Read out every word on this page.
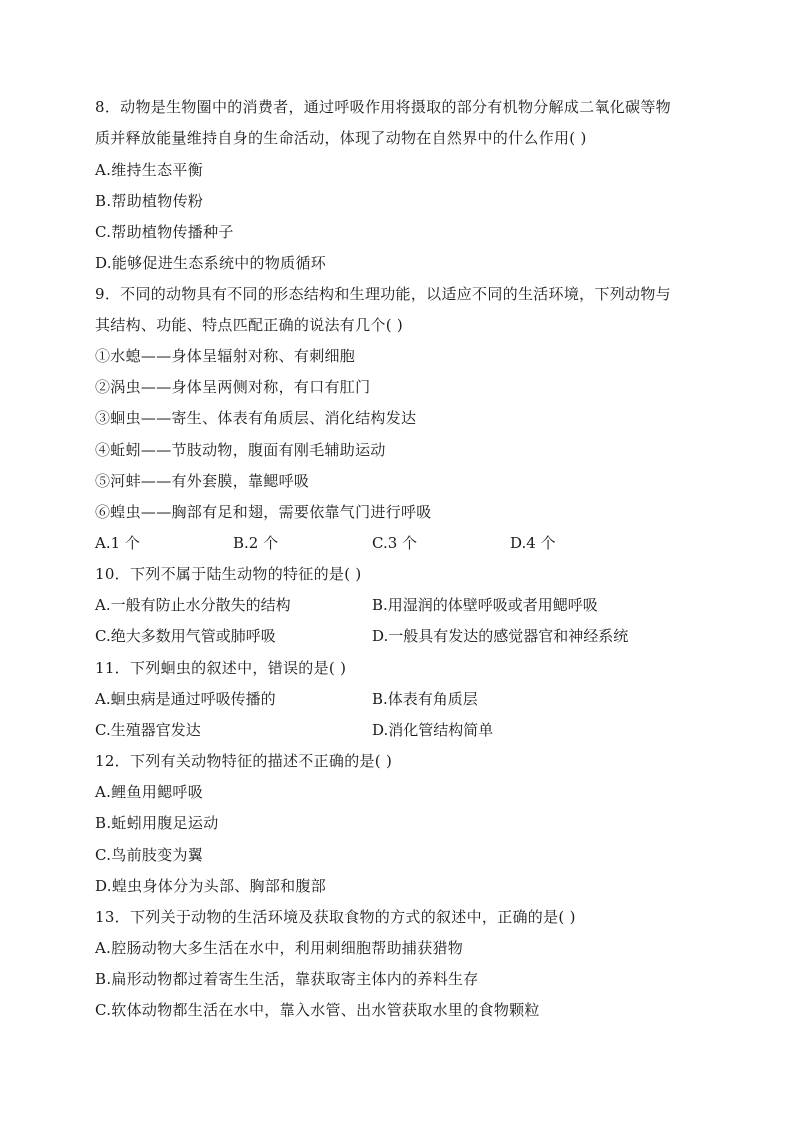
8．动物是生物圈中的消费者，通过呼吸作用将摄取的部分有机物分解成二氧化碳等物
质并释放能量维持自身的生命活动，体现了动物在自然界中的什么作用( )
A.维持生态平衡
B.帮助植物传粉
C.帮助植物传播种子
D.能够促进生态系统中的物质循环
9．不同的动物具有不同的形态结构和生理功能，以适应不同的生活环境，下列动物与
其结构、功能、特点匹配正确的说法有几个( )
①水螅——身体呈辐射对称、有刺细胞
②涡虫——身体呈两侧对称，有口有肛门
③蛔虫——寄生、体表有角质层、消化结构发达
④蚯蚓——节肢动物，腹面有刚毛辅助运动
⑤河蚌——有外套膜，靠鳃呼吸
⑥蝗虫——胸部有足和翅，需要依靠气门进行呼吸
A.1 个	B.2 个	C.3 个	D.4 个
10．下列不属于陆生动物的特征的是( )
A.一般有防止水分散失的结构	B.用湿润的体壁呼吸或者用鳃呼吸
C.绝大多数用气管或肺呼吸	D.一般具有发达的感觉器官和神经系统
11．下列蛔虫的叙述中，错误的是( )
A.蛔虫病是通过呼吸传播的	B.体表有角质层
C.生殖器官发达	D.消化管结构简单
12．下列有关动物特征的描述不正确的是( )
A.鲤鱼用鳃呼吸
B.蚯蚓用腹足运动
C.鸟前肢变为翼
D.蝗虫身体分为头部、胸部和腹部
13．下列关于动物的生活环境及获取食物的方式的叙述中，正确的是( )
A.腔肠动物大多生活在水中，利用刺细胞帮助捕获猎物
B.扁形动物都过着寄生生活，靠获取寄主体内的养料生存
C.软体动物都生活在水中，靠入水管、出水管获取水里的食物颗粒
